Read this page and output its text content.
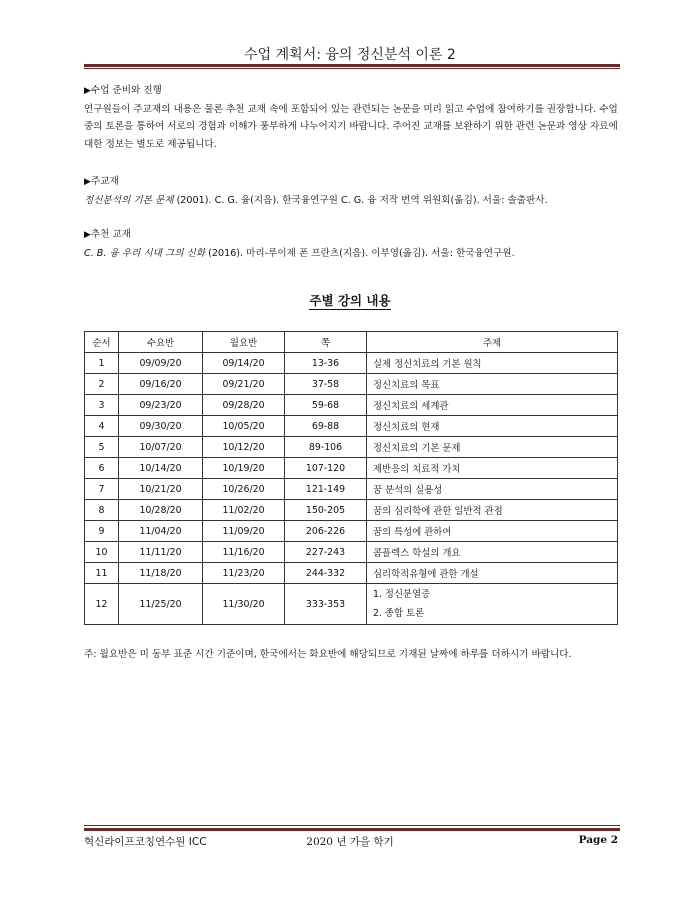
수업 계획서: 융의 정신분석 이론 2
▶수업 준비와 진행
연구원들이 주교재의 내용은 물론 추천 교재 속에 포함되어 있는 관련되는 논문을 미리 읽고 수업에 참여하기를 권장합니다. 수업 중의 토론을 통하여 서로의 경험과 이해가 풍부하게 나누어지기 바랍니다. 주어진 교재를 보완하기 위한 관련 논문과 영상 자료에 대한 정보는 별도로 제공됩니다.
▶주교재
정신분석의 기본 문제 (2001). C. G. 융(지음). 한국융연구원 C. G. 융 저작 번역 위원회(옮김). 서울: 솔출판사.
▶추천 교재
C. B. 융 우리 시대 그의 신화 (2016). 마리-루이제 폰 프란츠(지음). 이부영(옮김). 서울: 한국융연구원.
주별 강의 내용
순서	수요반	월요반	쪽	주제
1	09/09/20	09/14/20	13-36	실제 정신치료의 기본 원칙
2	09/16/20	09/21/20	37-58	정신치료의 목표
3	09/23/20	09/28/20	59-68	정신치료의 세계관
4	09/30/20	10/05/20	69-88	정신치료의 현재
5	10/07/20	10/12/20	89-106	정신치료의 기본 문제
6	10/14/20	10/19/20	107-120	제반응의 치료적 가치
7	10/21/20	10/26/20	121-149	꿈 분석의 실용성
8	10/28/20	11/02/20	150-205	꿈의 심리학에 관한 일반적 관점
9	11/04/20	11/09/20	206-226	꿈의 특성에 관하여
10	11/11/20	11/16/20	227-243	콤플렉스 학설의 개요
11	11/18/20	11/23/20	244-332	심리학적유형에 관한 개설
12	11/25/20	11/30/20	333-353	1. 정신분열증
2. 종합 토론
주: 월요반은 미 동부 표준 시간 기준이며, 한국에서는 화요반에 해당되므로 기재된 날짜에 하루를 더하시기 바랍니다.
혁신라이프코칭연수원 ICC	2020 년 가을 학기	Page 2
